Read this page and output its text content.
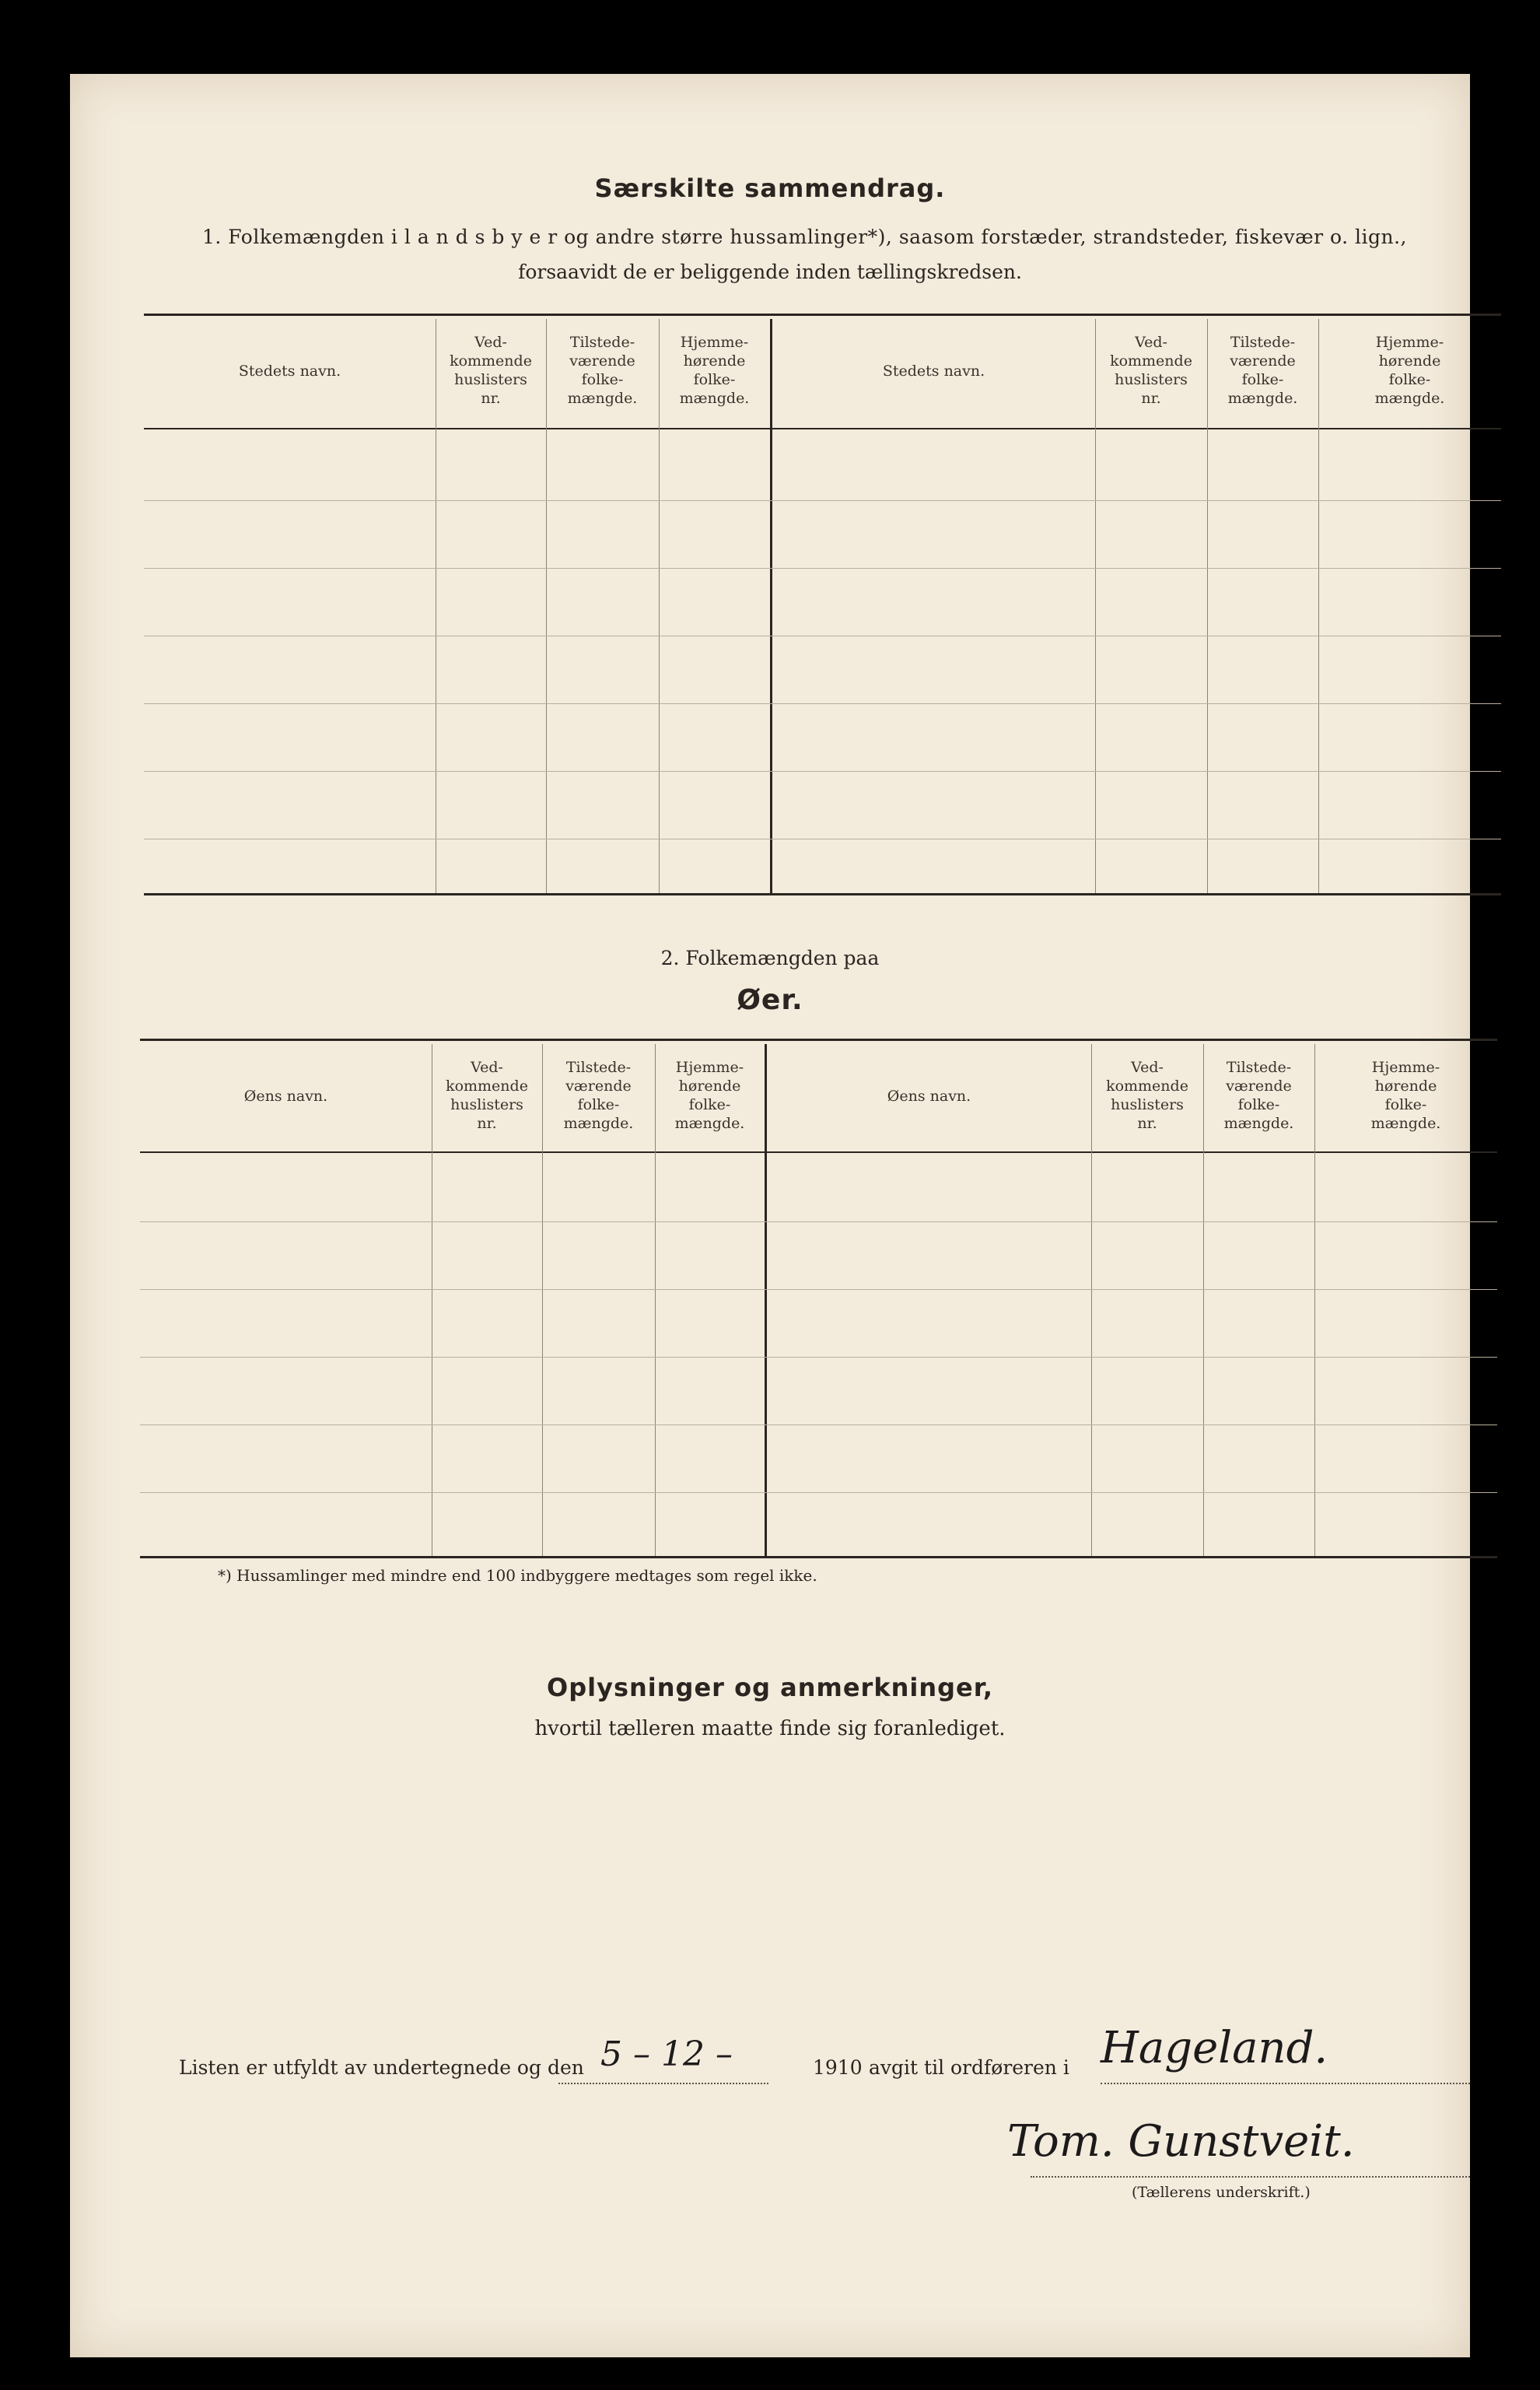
Særskilte sammendrag.
1. Folkemængden i l a n d s b y e r og andre større hussamlinger*), saasom forstæder, strandsteder, fiskevær o. lign.,
forsaavidt de er beliggende inden tællingskredsen.
Stedets navn.
Ved-
kommende
huslisters
nr.
Tilstede-
værende
folke-
mængde.
Hjemme-
hørende
folke-
mængde.
Stedets navn.
Ved-
kommende
huslisters
nr.
Tilstede-
værende
folke-
mængde.
Hjemme-
hørende
folke-
mængde.
2. Folkemængden paa
Øer.
Øens navn.
Ved-
kommende
huslisters
nr.
Tilstede-
værende
folke-
mængde.
Hjemme-
hørende
folke-
mængde.
Øens navn.
Ved-
kommende
huslisters
nr.
Tilstede-
værende
folke-
mængde.
Hjemme-
hørende
folke-
mængde.
*) Hussamlinger med mindre end 100 indbyggere medtages som regel ikke.
Oplysninger og anmerkninger,
hvortil tælleren maatte finde sig foranlediget.
Listen er utfyldt av undertegnede og den 5 – 12 –	1910 avgit til ordføreren i Hageland.
Tom. Gunstveit.
(Tællerens underskrift.)
